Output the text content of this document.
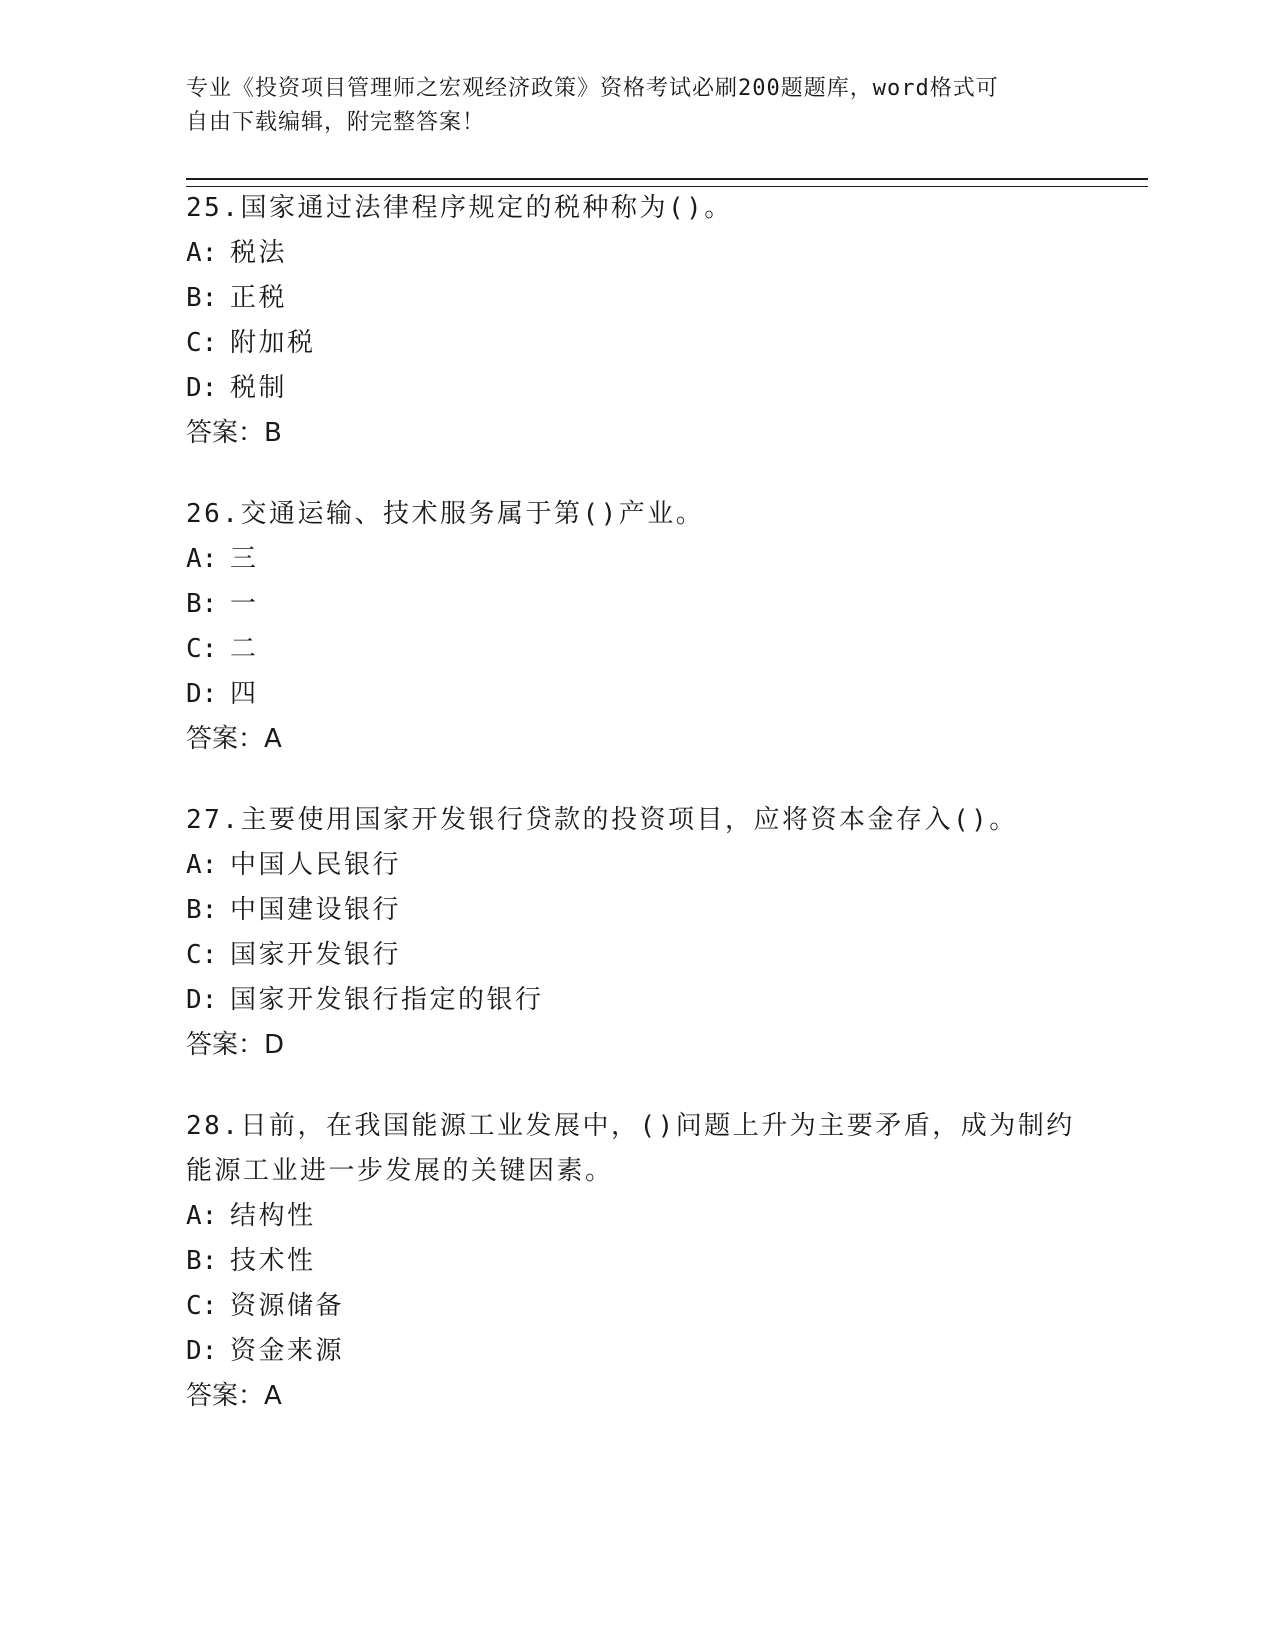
专业《投资项目管理师之宏观经济政策》资格考试必刷200题题库，word格式可
自由下载编辑，附完整答案！
25.国家通过法律程序规定的税种称为()。
A: 税法
B: 正税
C: 附加税
D: 税制
答案：B
26.交通运输、技术服务属于第()产业。
A: 三
B: 一
C: 二
D: 四
答案：A
27.主要使用国家开发银行贷款的投资项目，应将资本金存入()。
A: 中国人民银行
B: 中国建设银行
C: 国家开发银行
D: 国家开发银行指定的银行
答案：D
28.日前，在我国能源工业发展中，()问题上升为主要矛盾，成为制约
能源工业进一步发展的关键因素。
A: 结构性
B: 技术性
C: 资源储备
D: 资金来源
答案：A
